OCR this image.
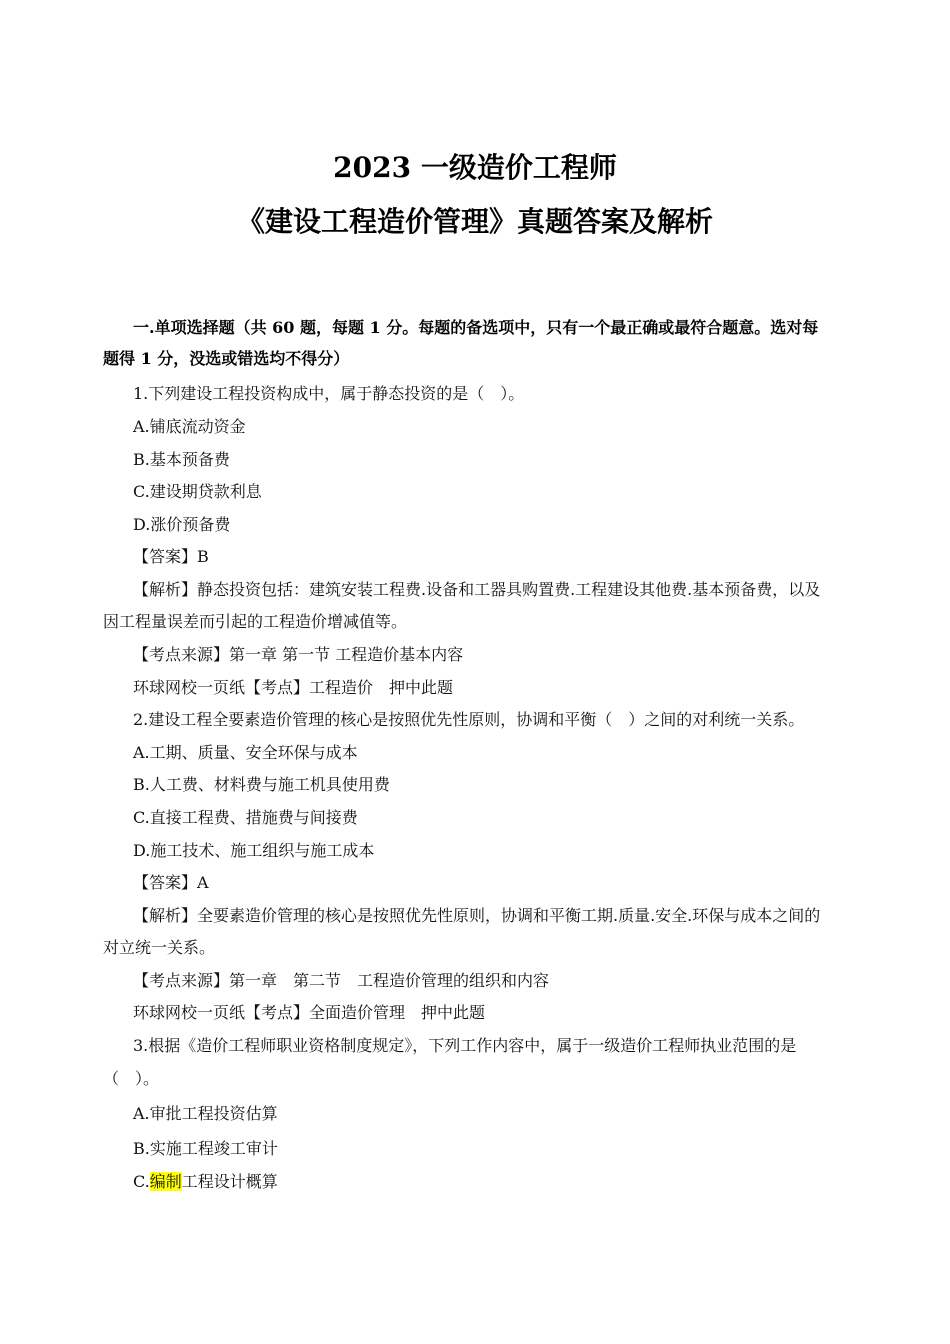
2023 一级造价工程师
《建设工程造价管理》真题答案及解析
一.单项选择题（共 60 题，每题 1 分。每题的备选项中，只有一个最正确或最符合题意。选对每
题得 1 分，没选或错选均不得分）
1.下列建设工程投资构成中，属于静态投资的是（　）。
A.铺底流动资金
B.基本预备费
C.建设期贷款利息
D.涨价预备费
【答案】B
【解析】静态投资包括：建筑安装工程费.设备和工器具购置费.工程建设其他费.基本预备费，以及
因工程量误差而引起的工程造价增减值等。
【考点来源】第一章 第一节 工程造价基本内容
环球网校一页纸【考点】工程造价　押中此题
2.建设工程全要素造价管理的核心是按照优先性原则，协调和平衡（　）之间的对利统一关系。
A.工期、质量、安全环保与成本
B.人工费、材料费与施工机具使用费
C.直接工程费、措施费与间接费
D.施工技术、施工组织与施工成本
【答案】A
【解析】全要素造价管理的核心是按照优先性原则，协调和平衡工期.质量.安全.环保与成本之间的
对立统一关系。
【考点来源】第一章　第二节　工程造价管理的组织和内容
环球网校一页纸【考点】全面造价管理　押中此题
3.根据《造价工程师职业资格制度规定》，下列工作内容中，属于一级造价工程师执业范围的是
（　）。
A.审批工程投资估算
B.实施工程竣工审计
C.编制工程设计概算
